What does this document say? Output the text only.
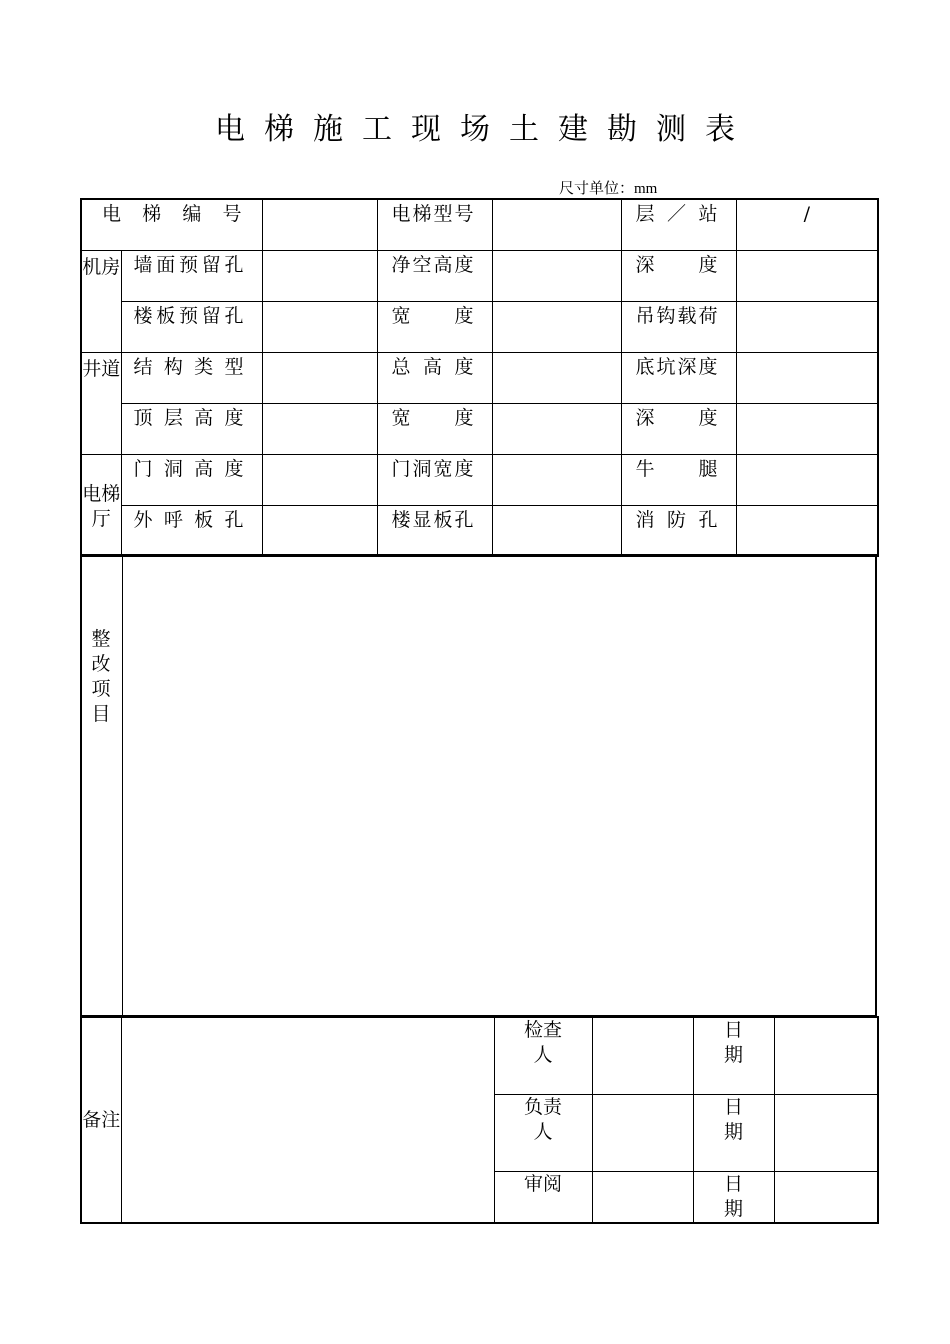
电梯施工现场土建勘测表
尺寸单位：mm
电梯编号			电梯型号		层／站	/
机房	墙面预留孔		净空高度		深度	
	楼板预留孔		宽度		吊钩载荷	
井道	结构类型		总高度		底坑深度	
	顶层高度		宽度		深度	
电梯厅	门洞高度		门洞宽度		牛腿	
	外呼板孔		楼显板孔		消防孔	
整改项目
备注		检查人		日期	
		负责人		日期	
		审阅		日期	
